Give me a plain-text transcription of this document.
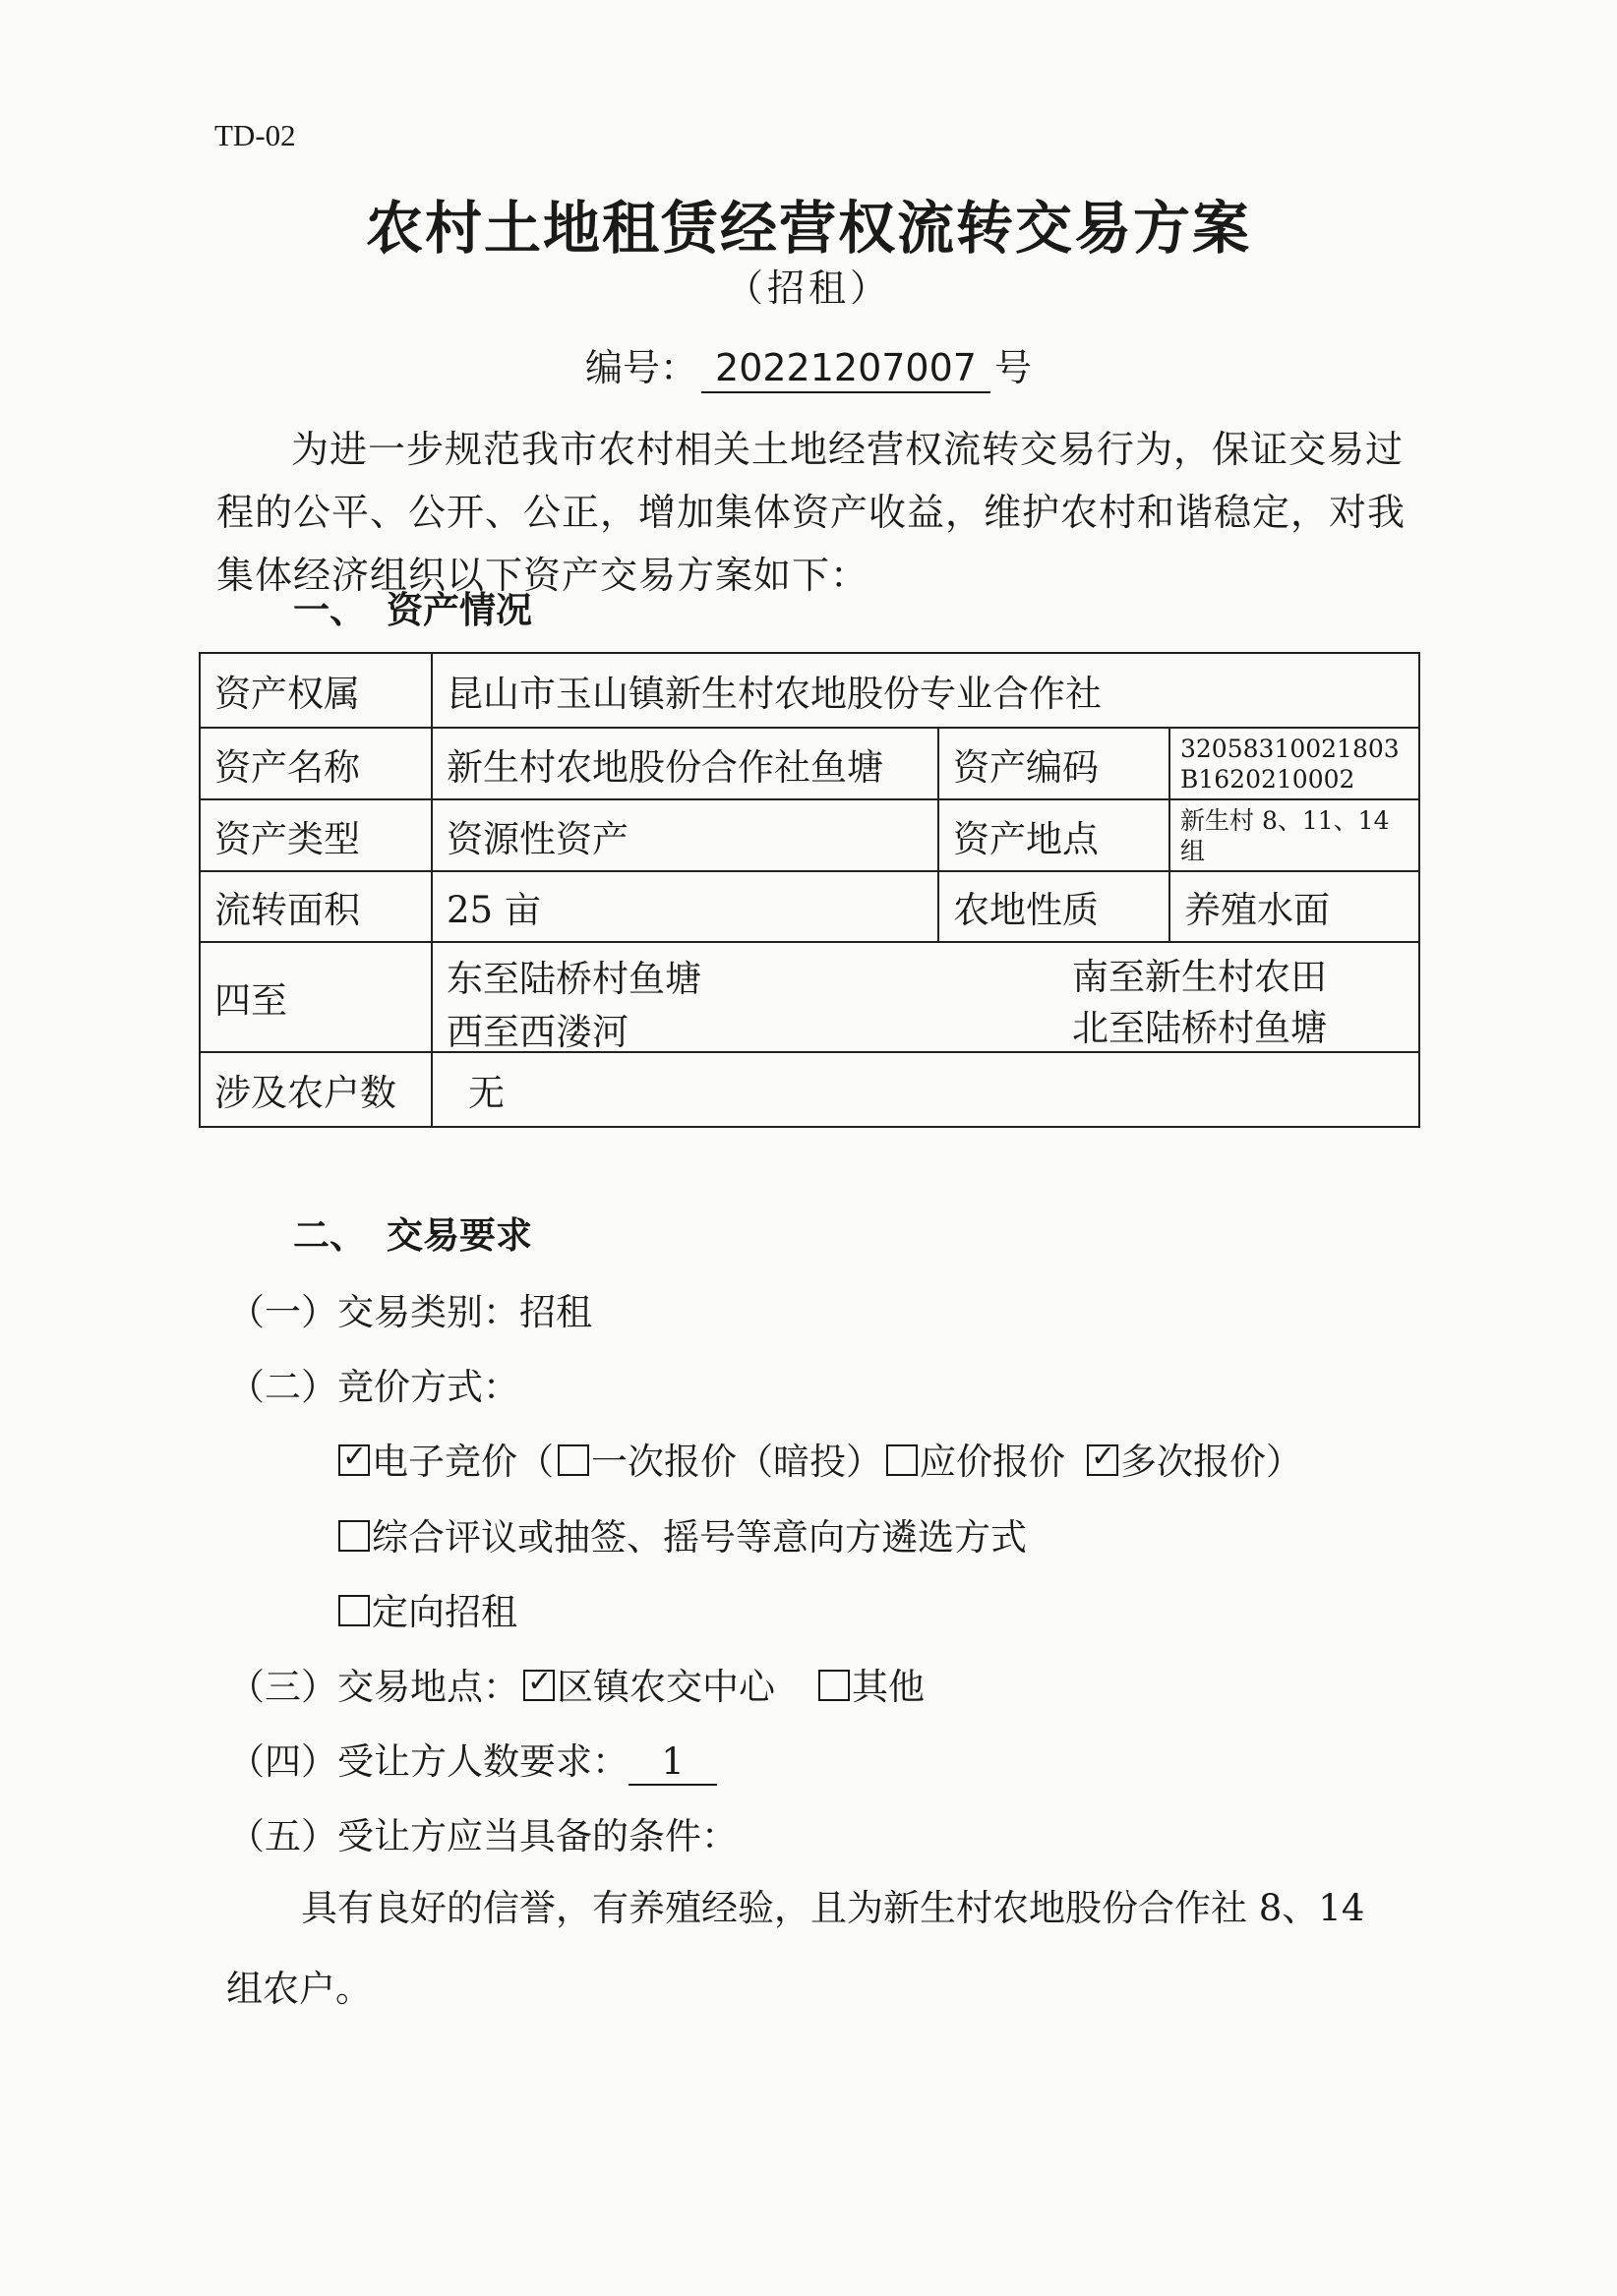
TD-02
农村土地租赁经营权流转交易方案
（招租）
编号： 20221207007 号
为进一步规范我市农村相关土地经营权流转交易行为，保证交易过程的公平、公开、公正，增加集体资产收益，维护农村和谐稳定，对我集体经济组织以下资产交易方案如下：
一、 资产情况
资产权属	昆山市玉山镇新生村农地股份专业合作社		
资产名称	新生村农地股份合作社鱼塘	资产编码	32058310021803B1620210002
资产类型	资源性资产	资产地点	新生村 8、11、14 组
流转面积	25 亩	农地性质	养殖水面
四至	东至陆桥村鱼塘 南至新生村农田
西至西溇河 北至陆桥村鱼塘		

涉及农户数	无		
二、 交易要求
（一）交易类别：招租
（二）竞价方式：
✓电子竞价（ 一次报价（暗投） 应价报价 ✓ 多次报价）
综合评议或抽签、摇号等意向方遴选方式
定向招租
（三）交易地点： ✓ 区镇农交中心 其他
（四）受让方人数要求： 1
（五）受让方应当具备的条件：
具有良好的信誉，有养殖经验，且为新生村农地股份合作社 8、14 组农户。
